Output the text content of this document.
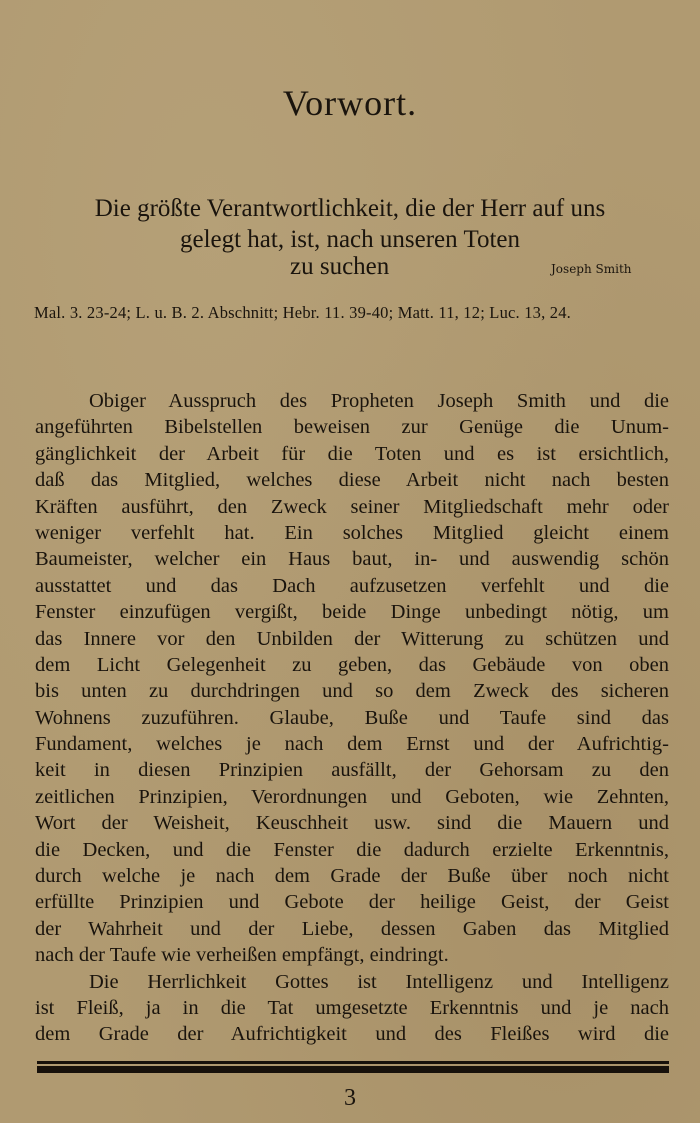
Vorwort.
Die größte Verantwortlichkeit, die der Herr auf uns
gelegt hat, ist, nach unseren Toten
zu suchen	Joseph Smith
Mal. 3. 23-24; L. u. B. 2. Abschnitt; Hebr. 11. 39-40; Matt. 11, 12; Luc. 13, 24.
Obiger Ausspruch des Propheten Joseph Smith und die
angeführten Bibelstellen beweisen zur Genüge die Unum-
gänglichkeit der Arbeit für die Toten und es ist ersichtlich,
daß das Mitglied, welches diese Arbeit nicht nach besten
Kräften ausführt, den Zweck seiner Mitgliedschaft mehr oder
weniger verfehlt hat. Ein solches Mitglied gleicht einem
Baumeister, welcher ein Haus baut, in- und auswendig schön
ausstattet und das Dach aufzusetzen verfehlt und die
Fenster einzufügen vergißt, beide Dinge unbedingt nötig, um
das Innere vor den Unbilden der Witterung zu schützen und
dem Licht Gelegenheit zu geben, das Gebäude von oben
bis unten zu durchdringen und so dem Zweck des sicheren
Wohnens zuzuführen. Glaube, Buße und Taufe sind das
Fundament, welches je nach dem Ernst und der Aufrichtig-
keit in diesen Prinzipien ausfällt, der Gehorsam zu den
zeitlichen Prinzipien, Verordnungen und Geboten, wie Zehnten,
Wort der Weisheit, Keuschheit usw. sind die Mauern und
die Decken, und die Fenster die dadurch erzielte Erkenntnis,
durch welche je nach dem Grade der Buße über noch nicht
erfüllte Prinzipien und Gebote der heilige Geist, der Geist
der Wahrheit und der Liebe, dessen Gaben das Mitglied
nach der Taufe wie verheißen empfängt, eindringt.
Die Herrlichkeit Gottes ist Intelligenz und Intelligenz
ist Fleiß, ja in die Tat umgesetzte Erkenntnis und je nach
dem Grade der Aufrichtigkeit und des Fleißes wird die
3
